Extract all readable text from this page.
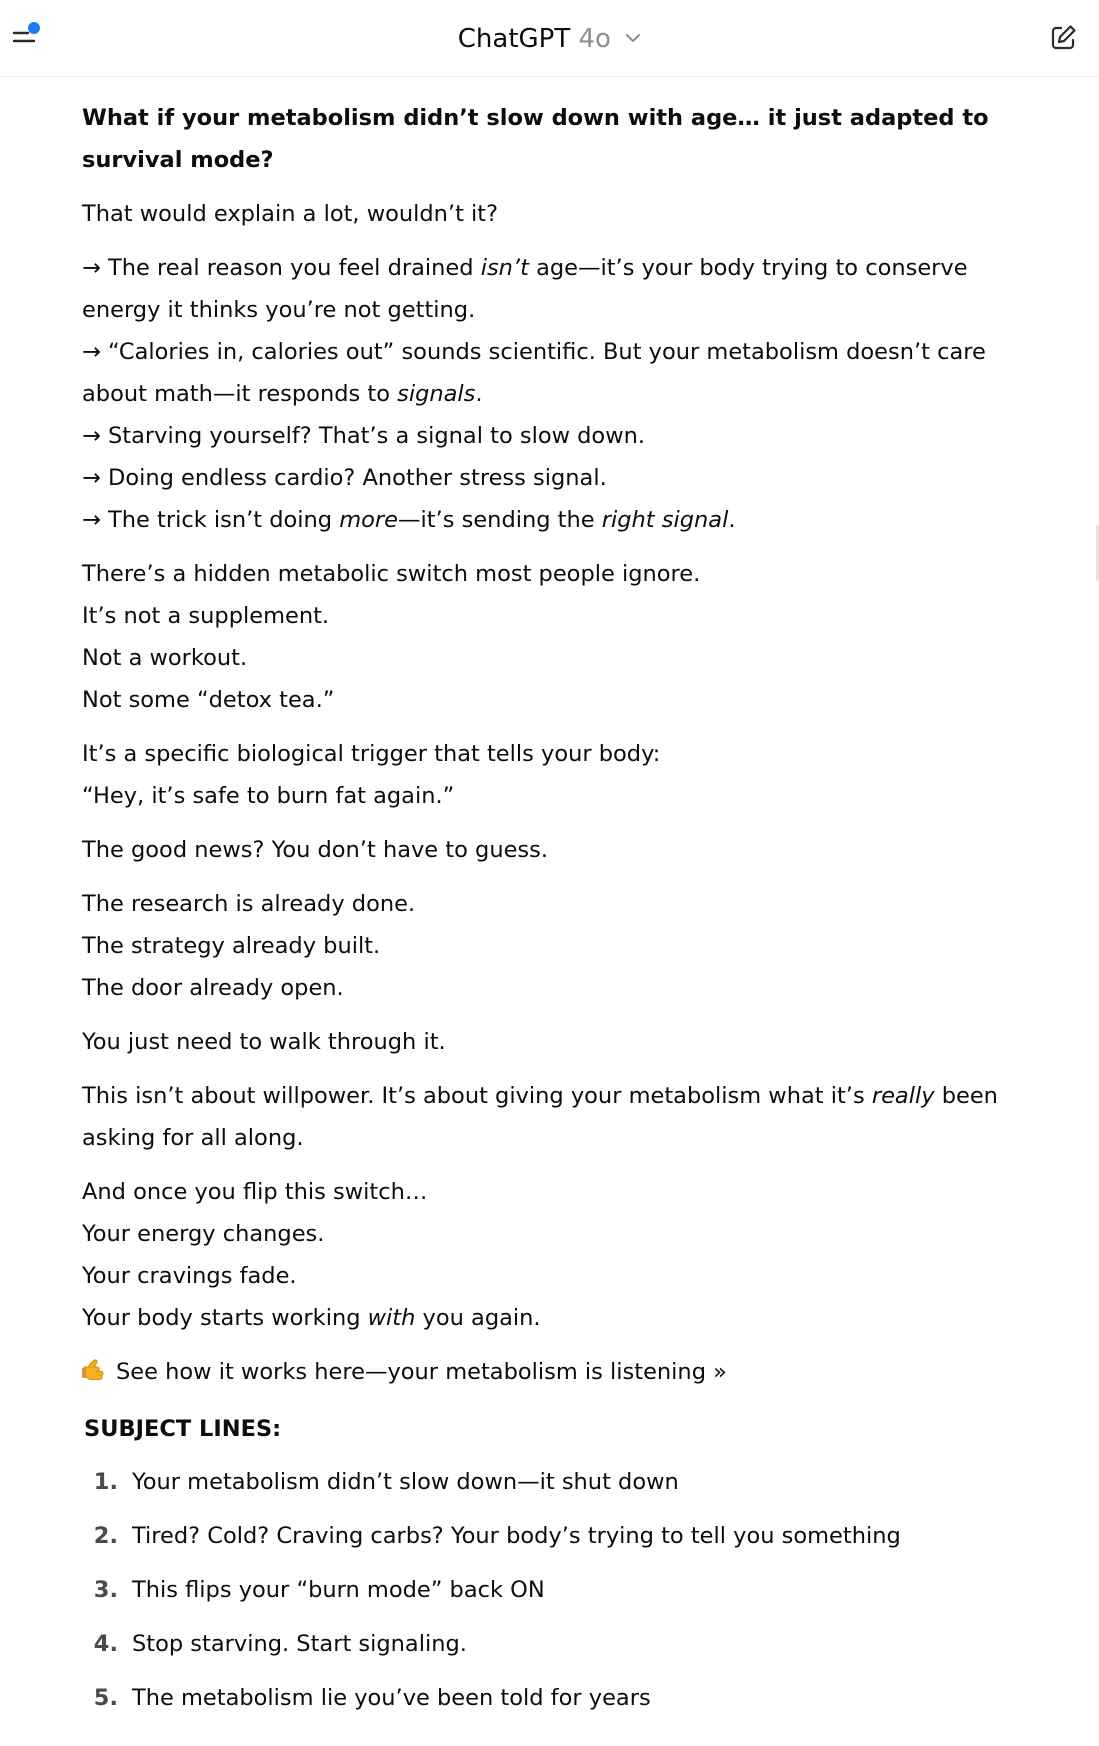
ChatGPT 4o

What if your metabolism didn’t slow down with age… it just adapted to survival mode?

That would explain a lot, wouldn’t it?

→ The real reason you feel drained isn’t age—it’s your body trying to conserve energy it thinks you’re not getting.
→ “Calories in, calories out” sounds scientific. But your metabolism doesn’t care about math—it responds to signals.
→ Starving yourself? That’s a signal to slow down.
→ Doing endless cardio? Another stress signal.
→ The trick isn’t doing more—it’s sending the right signal.

There’s a hidden metabolic switch most people ignore.
It’s not a supplement.
Not a workout.
Not some “detox tea.”

It’s a specific biological trigger that tells your body:
“Hey, it’s safe to burn fat again.”

The good news? You don’t have to guess.

The research is already done.
The strategy already built.
The door already open.

You just need to walk through it.

This isn’t about willpower. It’s about giving your metabolism what it’s really been asking for all along.

And once you flip this switch…
Your energy changes.
Your cravings fade.
Your body starts working with you again.

See how it works here—your metabolism is listening »

SUBJECT LINES:
1. Your metabolism didn’t slow down—it shut down
2. Tired? Cold? Craving carbs? Your body’s trying to tell you something
3. This flips your “burn mode” back ON
4. Stop starving. Start signaling.
5. The metabolism lie you’ve been told for years
